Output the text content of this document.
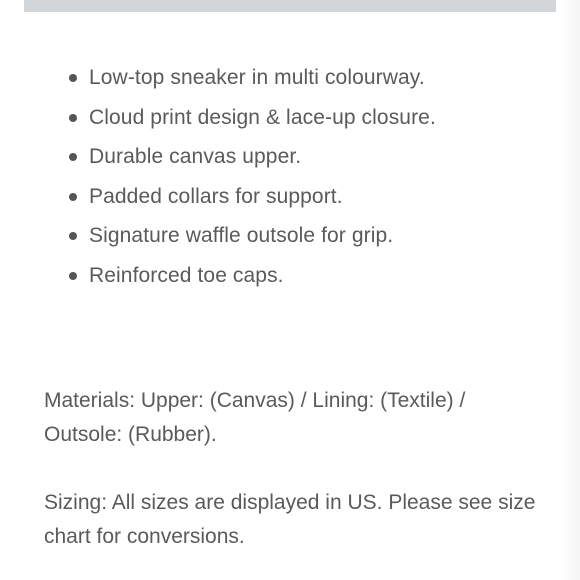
Low-top sneaker in multi colourway.
Cloud print design & lace-up closure.
Durable canvas upper.
Padded collars for support.
Signature waffle outsole for grip.
Reinforced toe caps.

Materials: Upper: (Canvas) / Lining: (Textile) / Outsole: (Rubber).

Sizing: All sizes are displayed in US. Please see size chart for conversions.
